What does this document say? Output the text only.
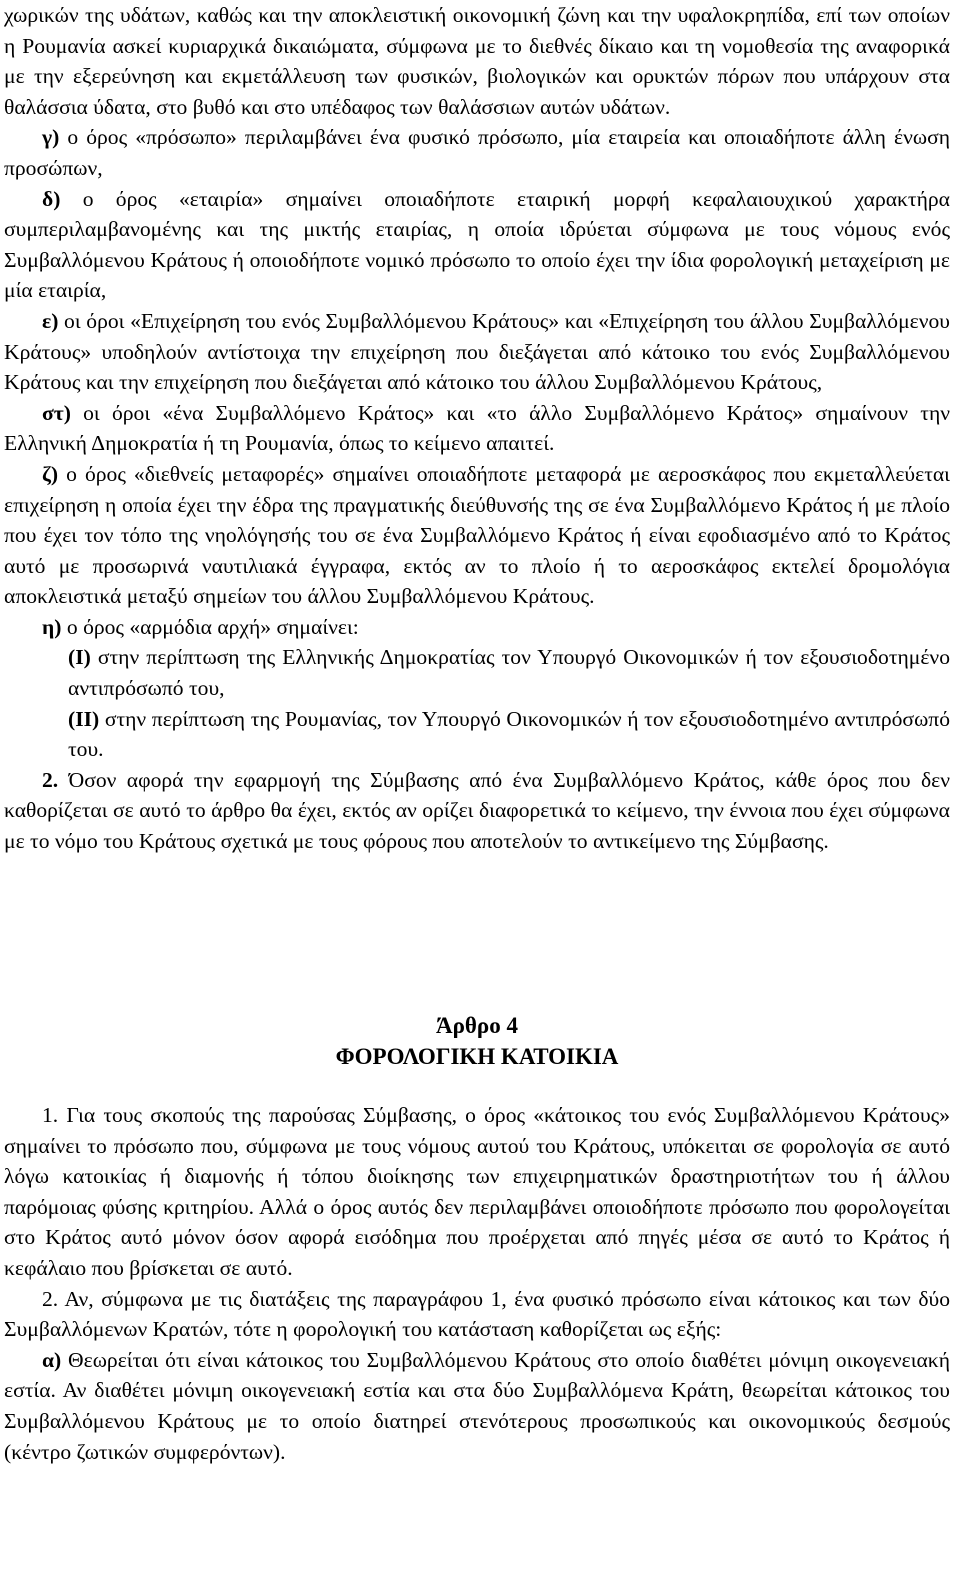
χωρικών της υδάτων, καθώς και την αποκλειστική οικονομική ζώνη και την υφαλοκρηπίδα, επί των οποίων η Ρουμανία ασκεί κυριαρχικά δικαιώματα, σύμφωνα με το διεθνές δίκαιο και τη νομοθεσία της αναφορικά με την εξερεύνηση και εκμετάλλευση των φυσικών, βιολογικών και ορυκτών πόρων που υπάρχουν στα θαλάσσια ύδατα, στο βυθό και στο υπέδαφος των θαλάσσιων αυτών υδάτων.

γ) ο όρος «πρόσωπο» περιλαμβάνει ένα φυσικό πρόσωπο, μία εταιρεία και οποιαδήποτε άλλη ένωση προσώπων,

δ) ο όρος «εταιρία» σημαίνει οποιαδήποτε εταιρική μορφή κεφαλαιουχικού χαρακτήρα συμπεριλαμβανομένης και της μικτής εταιρίας, η οποία ιδρύεται σύμφωνα με τους νόμους ενός Συμβαλλόμενου Κράτους ή οποιοδήποτε νομικό πρόσωπο το οποίο έχει την ίδια φορολογική μεταχείριση με μία εταιρία,

ε) οι όροι «Επιχείρηση του ενός Συμβαλλόμενου Κράτους» και «Επιχείρηση του άλλου Συμβαλλόμενου Κράτους» υποδηλούν αντίστοιχα την επιχείρηση που διεξάγεται από κάτοικο του ενός Συμβαλλόμενου Κράτους και την επιχείρηση που διεξάγεται από κάτοικο του άλλου Συμβαλλόμενου Κράτους,

στ) οι όροι «ένα Συμβαλλόμενο Κράτος» και «το άλλο Συμβαλλόμενο Κράτος» σημαίνουν την Ελληνική Δημοκρατία ή τη Ρουμανία, όπως το κείμενο απαιτεί.

ζ) ο όρος «διεθνείς μεταφορές» σημαίνει οποιαδήποτε μεταφορά με αεροσκάφος που εκμεταλλεύεται επιχείρηση η οποία έχει την έδρα της πραγματικής διεύθυνσής της σε ένα Συμβαλλόμενο Κράτος ή με πλοίο που έχει τον τόπο της νηολόγησής του σε ένα Συμβαλλόμενο Κράτος ή είναι εφοδιασμένο από το Κράτος αυτό με προσωρινά ναυτιλιακά έγγραφα, εκτός αν το πλοίο ή το αεροσκάφος εκτελεί δρομολόγια αποκλειστικά μεταξύ σημείων του άλλου Συμβαλλόμενου Κράτους.

η) ο όρος «αρμόδια αρχή» σημαίνει:

(Ι) στην περίπτωση της Ελληνικής Δημοκρατίας τον Υπουργό Οικονομικών ή τον εξουσιοδοτημένο αντιπρόσωπό του,

(ΙΙ) στην περίπτωση της Ρουμανίας, τον Υπουργό Οικονομικών ή τον εξουσιοδοτημένο αντιπρόσωπό του.

2. Όσον αφορά την εφαρμογή της Σύμβασης από ένα Συμβαλλόμενο Κράτος, κάθε όρος που δεν καθορίζεται σε αυτό το άρθρο θα έχει, εκτός αν ορίζει διαφορετικά το κείμενο, την έννοια που έχει σύμφωνα με το νόμο του Κράτους σχετικά με τους φόρους που αποτελούν το αντικείμενο της Σύμβασης.

Άρθρο 4

ΦΟΡΟΛΟΓΙΚΗ ΚΑΤΟΙΚΙΑ

1. Για τους σκοπούς της παρούσας Σύμβασης, ο όρος «κάτοικος του ενός Συμβαλλόμενου Κράτους» σημαίνει το πρόσωπο που, σύμφωνα με τους νόμους αυτού του Κράτους, υπόκειται σε φορολογία σε αυτό λόγω κατοικίας ή διαμονής ή τόπου διοίκησης των επιχειρηματικών δραστηριοτήτων του ή άλλου παρόμοιας φύσης κριτηρίου. Αλλά ο όρος αυτός δεν περιλαμβάνει οποιοδήποτε πρόσωπο που φορολογείται στο Κράτος αυτό μόνον όσον αφορά εισόδημα που προέρχεται από πηγές μέσα σε αυτό το Κράτος ή κεφάλαιο που βρίσκεται σε αυτό.

2. Αν, σύμφωνα με τις διατάξεις της παραγράφου 1, ένα φυσικό πρόσωπο είναι κάτοικος και των δύο Συμβαλλόμενων Κρατών, τότε η φορολογική του κατάσταση καθορίζεται ως εξής:

α) Θεωρείται ότι είναι κάτοικος του Συμβαλλόμενου Κράτους στο οποίο διαθέτει μόνιμη οικογενειακή εστία. Αν διαθέτει μόνιμη οικογενειακή εστία και στα δύο Συμβαλλόμενα Κράτη, θεωρείται κάτοικος του Συμβαλλόμενου Κράτους με το οποίο διατηρεί στενότερους προσωπικούς και οικονομικούς δεσμούς (κέντρο ζωτικών συμφερόντων).
